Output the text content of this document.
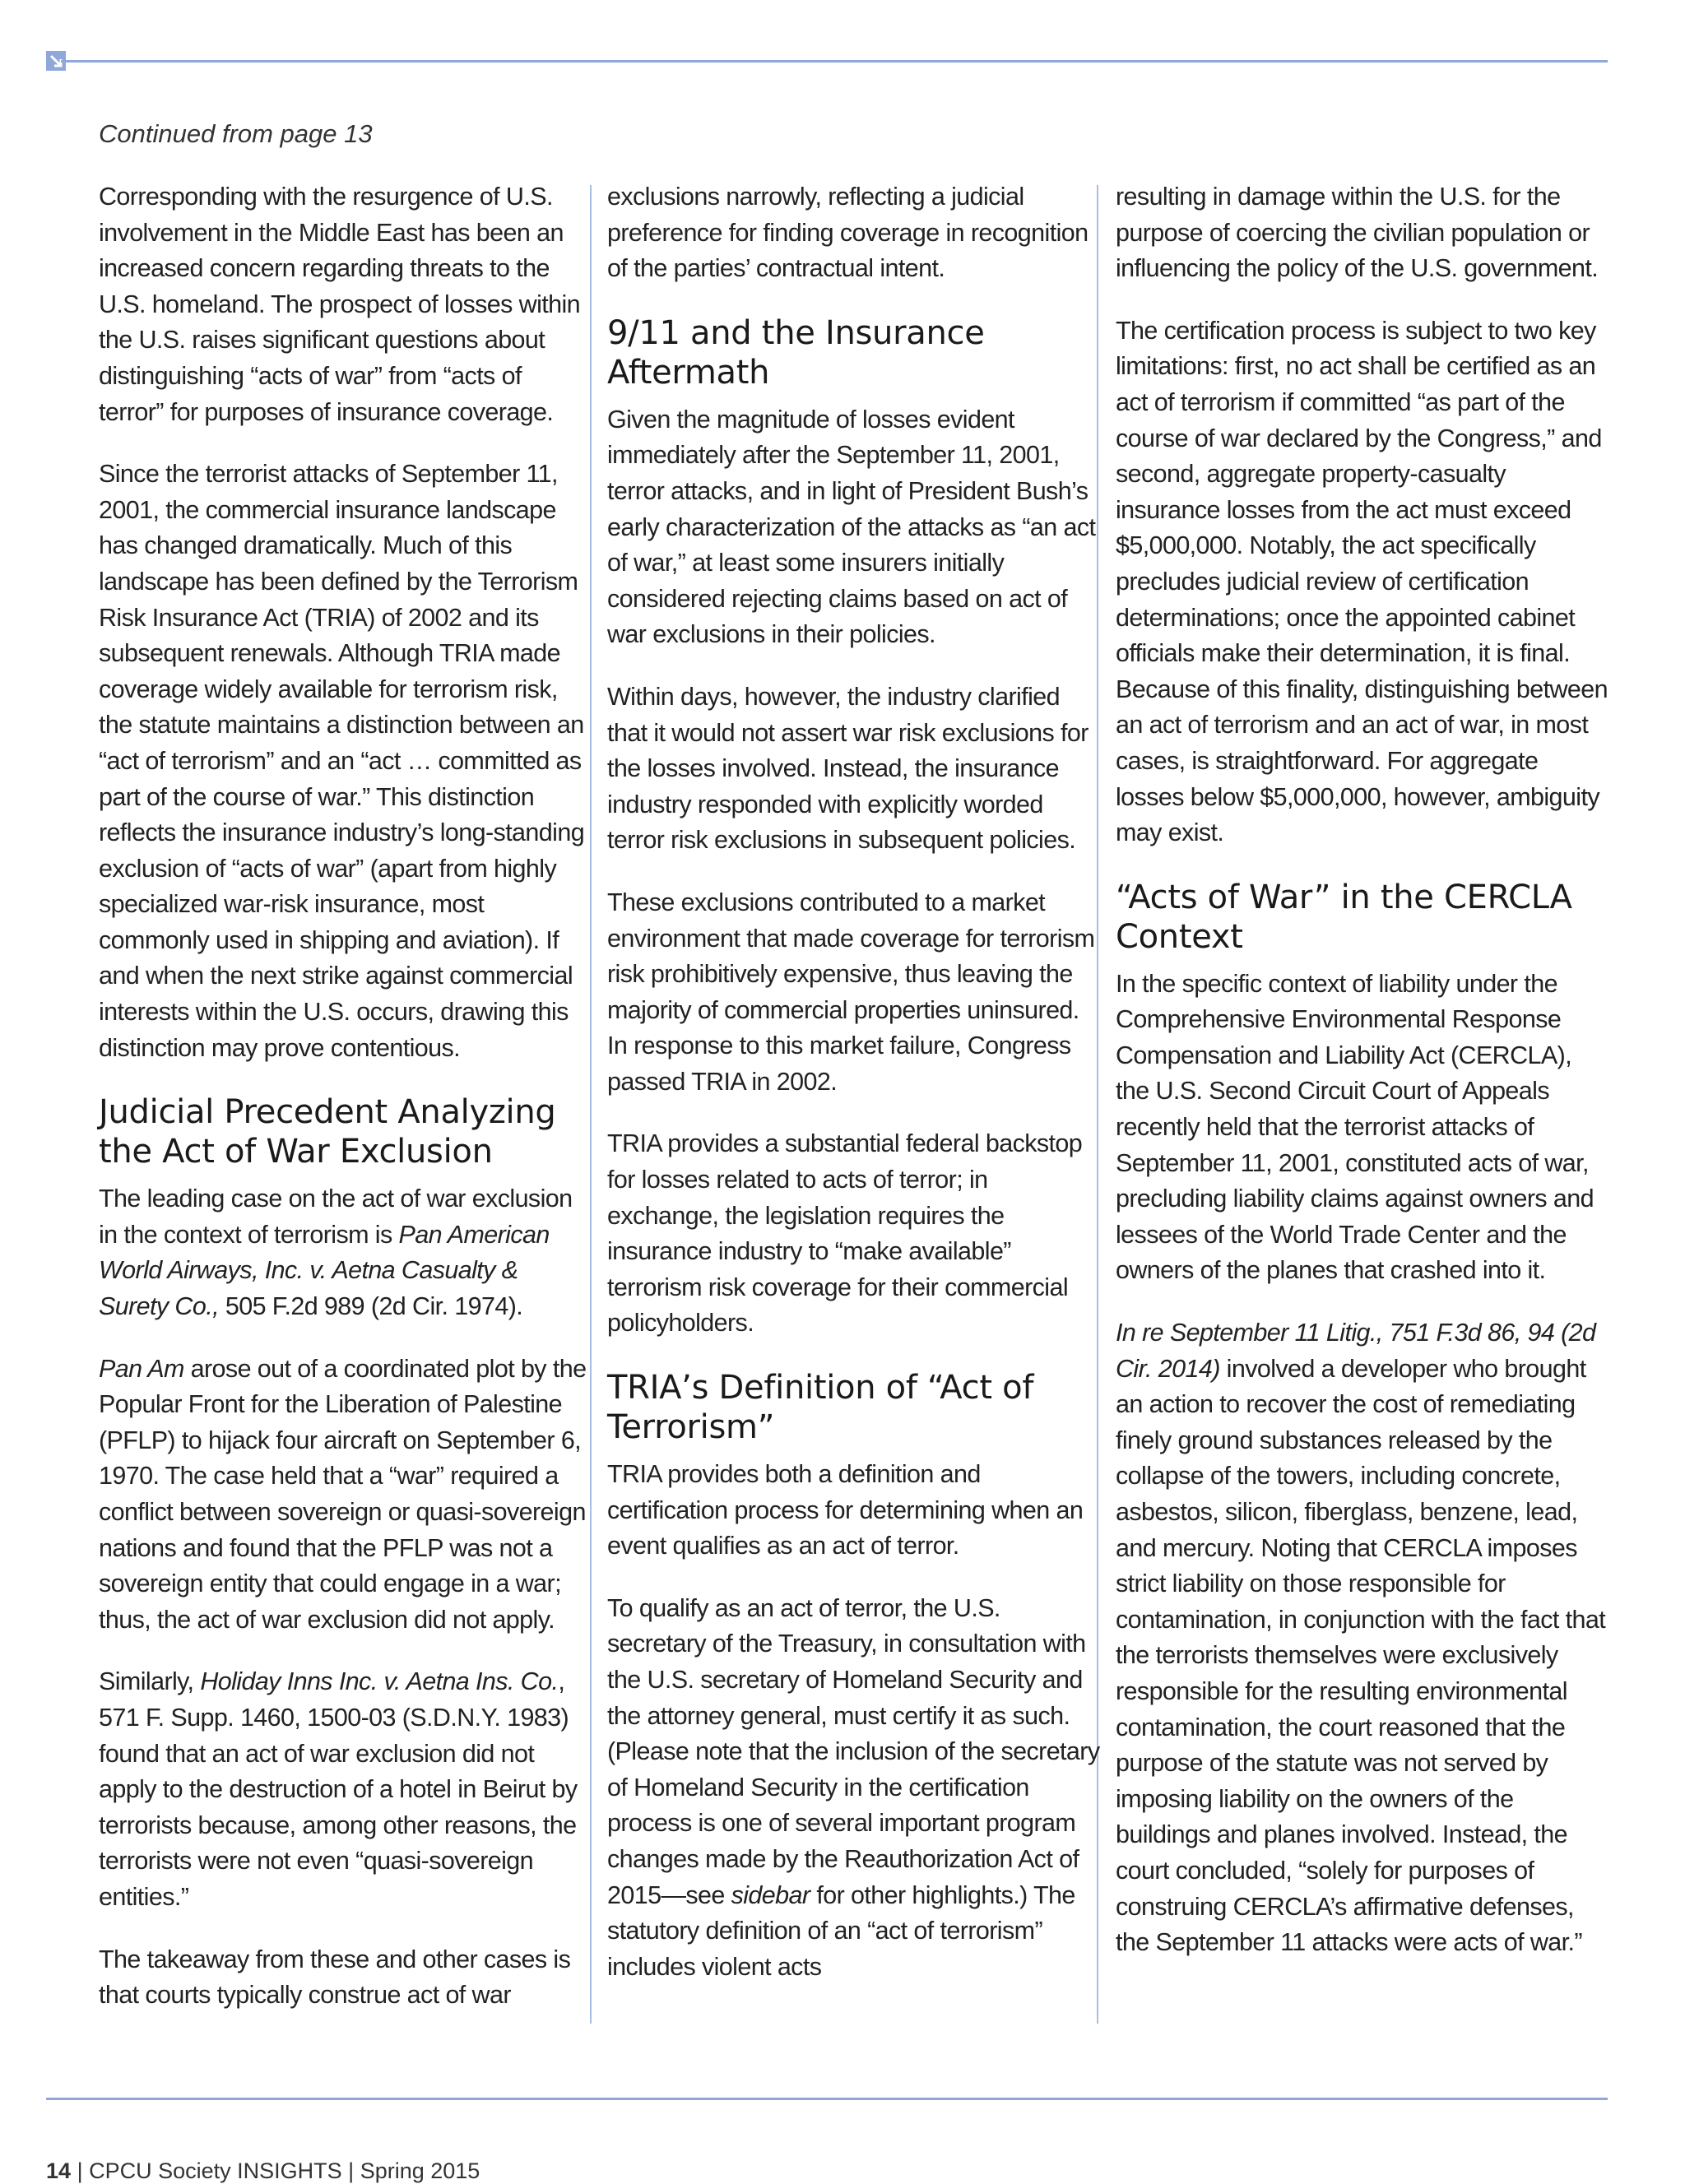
Continued from page 13

Corresponding with the resurgence of U.S. involvement in the Middle East has been an increased concern regarding threats to the U.S. homeland. The prospect of losses within the U.S. raises significant questions about distinguishing “acts of war” from “acts of terror” for purposes of insurance coverage.

Since the terrorist attacks of September 11, 2001, the commercial insurance landscape has changed dramatically. Much of this landscape has been defined by the Terrorism Risk Insurance Act (TRIA) of 2002 and its subsequent renewals. Although TRIA made coverage widely available for terrorism risk, the statute maintains a distinction between an “act of terrorism” and an “act … committed as part of the course of war.” This distinction reflects the insurance industry’s long-standing exclusion of “acts of war” (apart from highly specialized war-risk insurance, most commonly used in shipping and aviation). If and when the next strike against commercial interests within the U.S. occurs, drawing this distinction may prove contentious.

Judicial Precedent Analyzing the Act of War Exclusion

The leading case on the act of war exclusion in the context of terrorism is Pan American World Airways, Inc. v. Aetna Casualty & Surety Co., 505 F.2d 989 (2d Cir. 1974).

Pan Am arose out of a coordinated plot by the Popular Front for the Liberation of Palestine (PFLP) to hijack four aircraft on September 6, 1970. The case held that a “war” required a conflict between sovereign or quasi-sovereign nations and found that the PFLP was not a sovereign entity that could engage in a war; thus, the act of war exclusion did not apply.

Similarly, Holiday Inns Inc. v. Aetna Ins. Co., 571 F. Supp. 1460, 1500-03 (S.D.N.Y. 1983) found that an act of war exclusion did not apply to the destruction of a hotel in Beirut by terrorists because, among other reasons, the terrorists were not even “quasi-sovereign entities.”

The takeaway from these and other cases is that courts typically construe act of war

exclusions narrowly, reflecting a judicial preference for finding coverage in recognition of the parties’ contractual intent.

9/11 and the Insurance Aftermath

Given the magnitude of losses evident immediately after the September 11, 2001, terror attacks, and in light of President Bush’s early characterization of the attacks as “an act of war,” at least some insurers initially considered rejecting claims based on act of war exclusions in their policies.

Within days, however, the industry clarified that it would not assert war risk exclusions for the losses involved. Instead, the insurance industry responded with explicitly worded terror risk exclusions in subsequent policies.

These exclusions contributed to a market environment that made coverage for terrorism risk prohibitively expensive, thus leaving the majority of commercial properties uninsured. In response to this market failure, Congress passed TRIA in 2002.

TRIA provides a substantial federal backstop for losses related to acts of terror; in exchange, the legislation requires the insurance industry to “make available” terrorism risk coverage for their commercial policyholders.

TRIA’s Definition of “Act of Terrorism”

TRIA provides both a definition and certification process for determining when an event qualifies as an act of terror.

To qualify as an act of terror, the U.S. secretary of the Treasury, in consultation with the U.S. secretary of Homeland Security and the attorney general, must certify it as such. (Please note that the inclusion of the secretary of Homeland Security in the certification process is one of several important program changes made by the Reauthorization Act of 2015—see sidebar for other highlights.) The statutory definition of an “act of terrorism” includes violent acts

resulting in damage within the U.S. for the purpose of coercing the civilian population or influencing the policy of the U.S. government.

The certification process is subject to two key limitations: first, no act shall be certified as an act of terrorism if committed “as part of the course of war declared by the Congress,” and second, aggregate property-casualty insurance losses from the act must exceed $5,000,000. Notably, the act specifically precludes judicial review of certification determinations; once the appointed cabinet officials make their determination, it is final. Because of this finality, distinguishing between an act of terrorism and an act of war, in most cases, is straightforward. For aggregate losses below $5,000,000, however, ambiguity may exist.

“Acts of War” in the CERCLA Context

In the specific context of liability under the Comprehensive Environmental Response Compensation and Liability Act (CERCLA), the U.S. Second Circuit Court of Appeals recently held that the terrorist attacks of September 11, 2001, constituted acts of war, precluding liability claims against owners and lessees of the World Trade Center and the owners of the planes that crashed into it.

In re September 11 Litig., 751 F.3d 86, 94 (2d Cir. 2014) involved a developer who brought an action to recover the cost of remediating finely ground substances released by the collapse of the towers, including concrete, asbestos, silicon, fiberglass, benzene, lead, and mercury. Noting that CERCLA imposes strict liability on those responsible for contamination, in conjunction with the fact that the terrorists themselves were exclusively responsible for the resulting environmental contamination, the court reasoned that the purpose of the statute was not served by imposing liability on the owners of the buildings and planes involved. Instead, the court concluded, “solely for purposes of construing CERCLA’s affirmative defenses, the September 11 attacks were acts of war.”

14 | CPCU Society INSIGHTS | Spring 2015
